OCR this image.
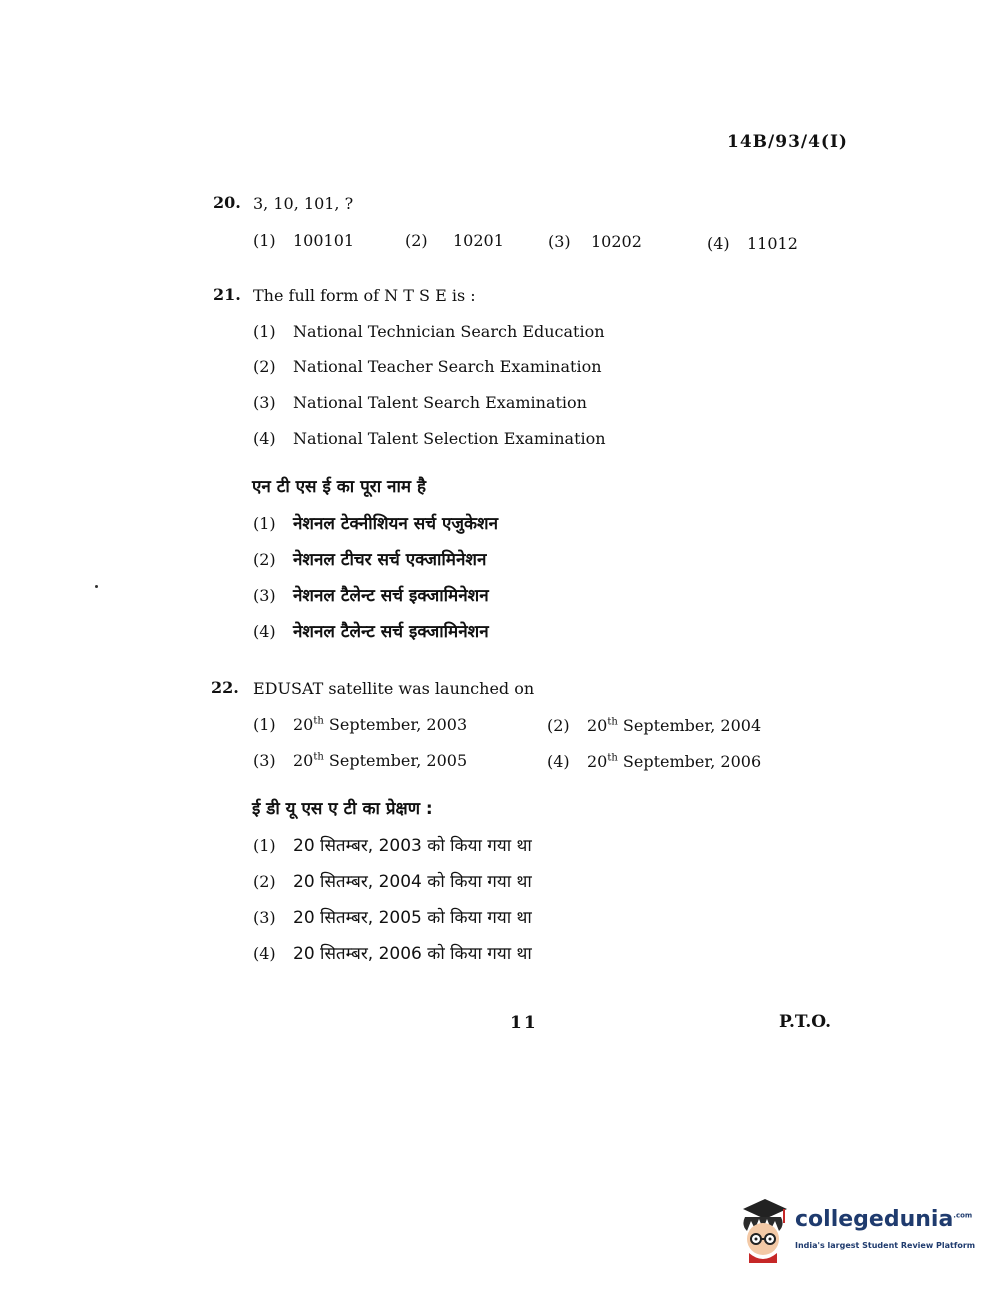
14B/93/4(I)
20. 3, 10, 101, ?
(1) 100101	(2) 10201	(3) 10202	(4) 11012
21. The full form of N T S E is :
(1) National Technician Search Education
(2) National Teacher Search Examination
(3) National Talent Search Examination
(4) National Talent Selection Examination
एन टी एस ई का पूरा नाम है
(1) नेशनल टेक्नीशियन सर्च एजुकेशन
(2) नेशनल टीचर सर्च एक्जामिनेशन
(3) नेशनल टैलेन्ट सर्च इक्जामिनेशन
(4) नेशनल टैलेन्ट सर्च इक्जामिनेशन
22. EDUSAT satellite was launched on
(1) 20th September, 2003	(2) 20th September, 2004
(3) 20th September, 2005	(4) 20th September, 2006
ई डी यू एस ए टी का प्रेक्षण :
(1) 20 सितम्बर, 2003 को किया गया था
(2) 20 सितम्बर, 2004 को किया गया था
(3) 20 सितम्बर, 2005 को किया गया था
(4) 20 सितम्बर, 2006 को किया गया था
11	P.T.O.
collegedunia$^{.com}$
India's largest Student Review Platform
